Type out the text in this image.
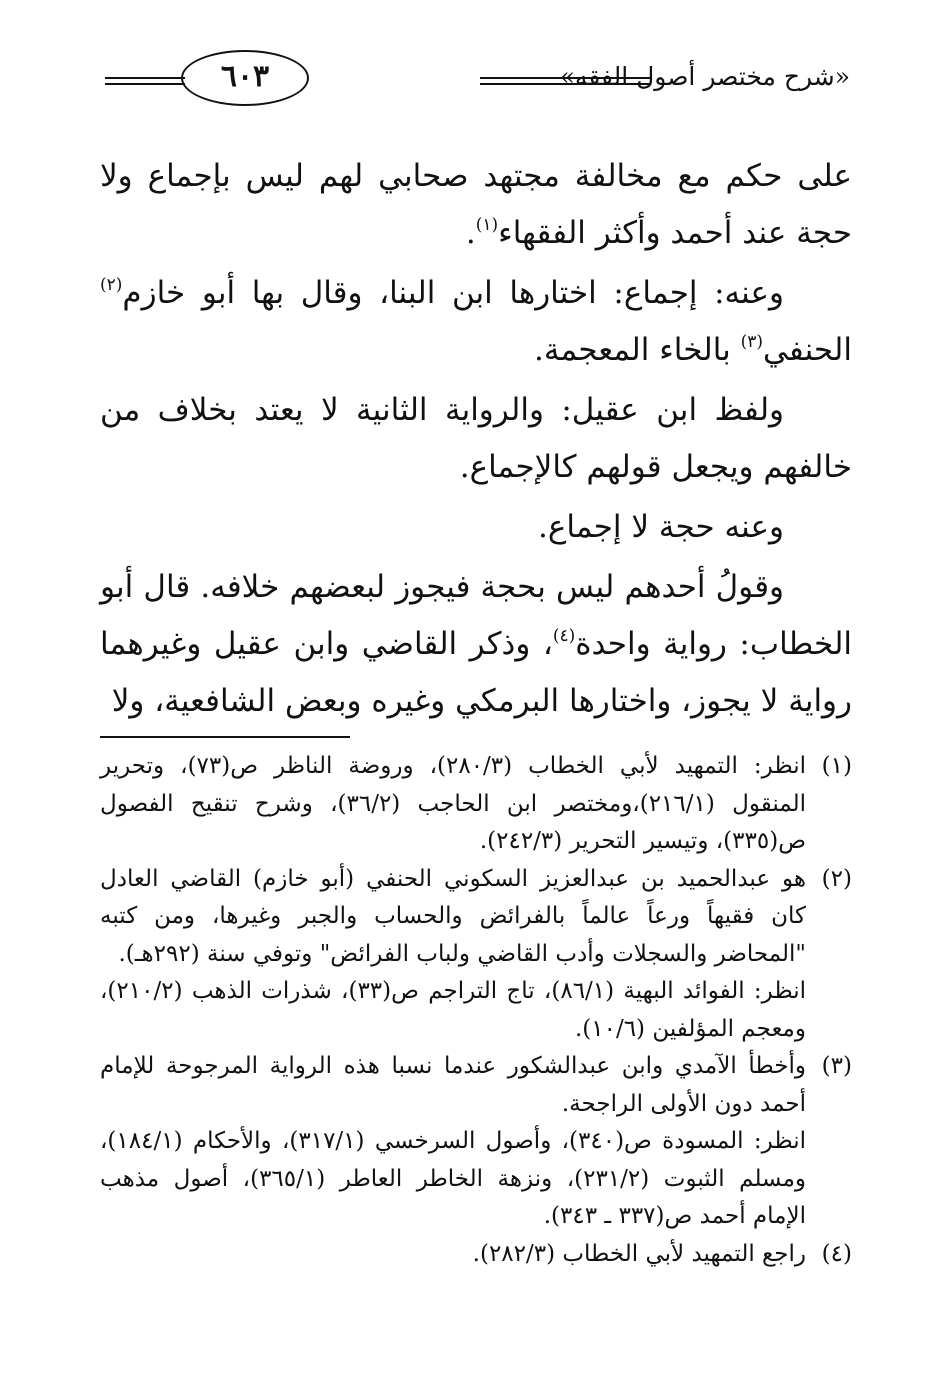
«شرح مختصر أصول الفقه»
٦٠٣

على حكم مع مخالفة مجتهد صحابي لهم ليس بإجماع ولا حجة عند أحمد وأكثر الفقهاء$^{(١)}$.

وعنه: إجماع: اختارها ابن البنا، وقال بها أبو خازم$^{(٢)}$ الحنفي$^{(٣)}$ بالخاء المعجمة.

ولفظ ابن عقيل: والرواية الثانية لا يعتد بخلاف من خالفهم ويجعل قولهم كالإجماع.

وعنه حجة لا إجماع.

وقولُ أحدهم ليس بحجة فيجوز لبعضهم خلافه. قال أبو الخطاب: رواية واحدة$^{(٤)}$، وذكر القاضي وابن عقيل وغيرهما رواية لا يجوز، واختارها البرمكي وغيره وبعض الشافعية، ولا

(١)

انظر: التمهيد لأبي الخطاب (٢٨٠/٣)، وروضة الناظر ص(٧٣)، وتحرير المنقول (٢١٦/١)،ومختصر ابن الحاجب (٣٦/٢)، وشرح تنقيح الفصول ص(٣٣٥)، وتيسير التحرير (٢٤٢/٣).

(٢)

هو عبدالحميد بن عبدالعزيز السكوني الحنفي (أبو خازم) القاضي العادل كان فقيهاً ورعاً عالماً بالفرائض والحساب والجبر وغيرها، ومن كتبه "المحاضر والسجلات وأدب القاضي ولباب الفرائض" وتوفي سنة (٢٩٢هـ).

انظر: الفوائد البهية (٨٦/١)، تاج التراجم ص(٣٣)، شذرات الذهب (٢١٠/٢)، ومعجم المؤلفين (١٠/٦).

(٣)

وأخطأ الآمدي وابن عبدالشكور عندما نسبا هذه الرواية المرجوحة للإمام أحمد دون الأولى الراجحة.

انظر: المسودة ص(٣٤٠)، وأصول السرخسي (٣١٧/١)، والأحكام (١٨٤/١)، ومسلم الثبوت (٢٣١/٢)، ونزهة الخاطر العاطر (٣٦٥/١)، أصول مذهب الإمام أحمد ص(٣٣٧ ـ ٣٤٣).

(٤)

راجع التمهيد لأبي الخطاب (٢٨٢/٣).
